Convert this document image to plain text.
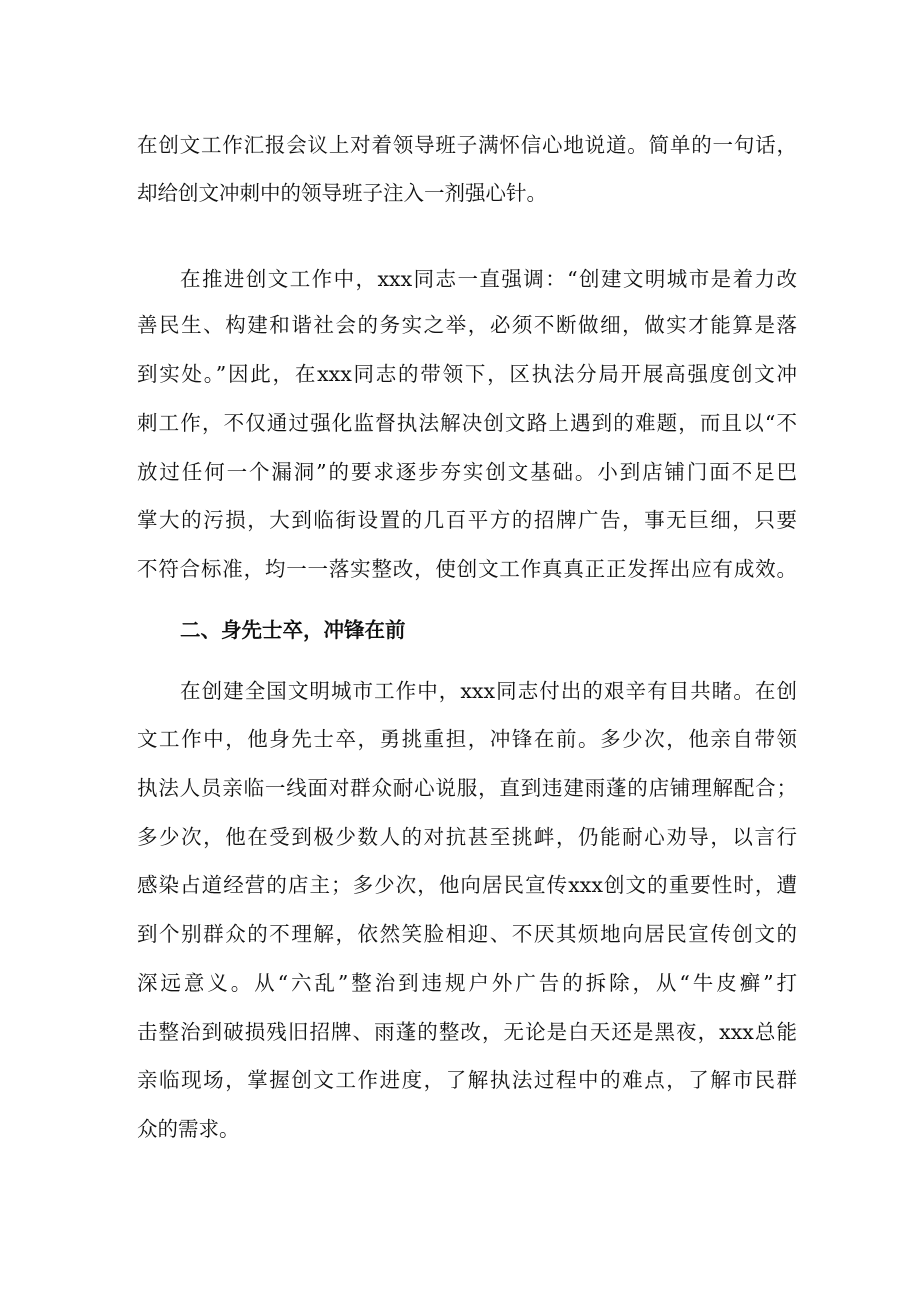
在创文工作汇报会议上对着领导班子满怀信心地说道。简单的一句话，
却给创文冲刺中的领导班子注入一剂强心针。
在推进创文工作中，xxx同志一直强调：“创建文明城市是着力改
善民生、构建和谐社会的务实之举，必须不断做细，做实才能算是落
到实处。”因此，在xxx同志的带领下，区执法分局开展高强度创文冲
刺工作，不仅通过强化监督执法解决创文路上遇到的难题，而且以“不
放过任何一个漏洞”的要求逐步夯实创文基础。小到店铺门面不足巴
掌大的污损，大到临街设置的几百平方的招牌广告，事无巨细，只要
不符合标准，均一一落实整改，使创文工作真真正正发挥出应有成效。
二、身先士卒，冲锋在前
在创建全国文明城市工作中，xxx同志付出的艰辛有目共睹。在创
文工作中，他身先士卒，勇挑重担，冲锋在前。多少次，他亲自带领
执法人员亲临一线面对群众耐心说服，直到违建雨蓬的店铺理解配合；
多少次，他在受到极少数人的对抗甚至挑衅，仍能耐心劝导，以言行
感染占道经营的店主；多少次，他向居民宣传xxx创文的重要性时，遭
到个别群众的不理解，依然笑脸相迎、不厌其烦地向居民宣传创文的
深远意义。从“六乱”整治到违规户外广告的拆除，从“牛皮癣”打
击整治到破损残旧招牌、雨蓬的整改，无论是白天还是黑夜，xxx总能
亲临现场，掌握创文工作进度，了解执法过程中的难点，了解市民群
众的需求。
